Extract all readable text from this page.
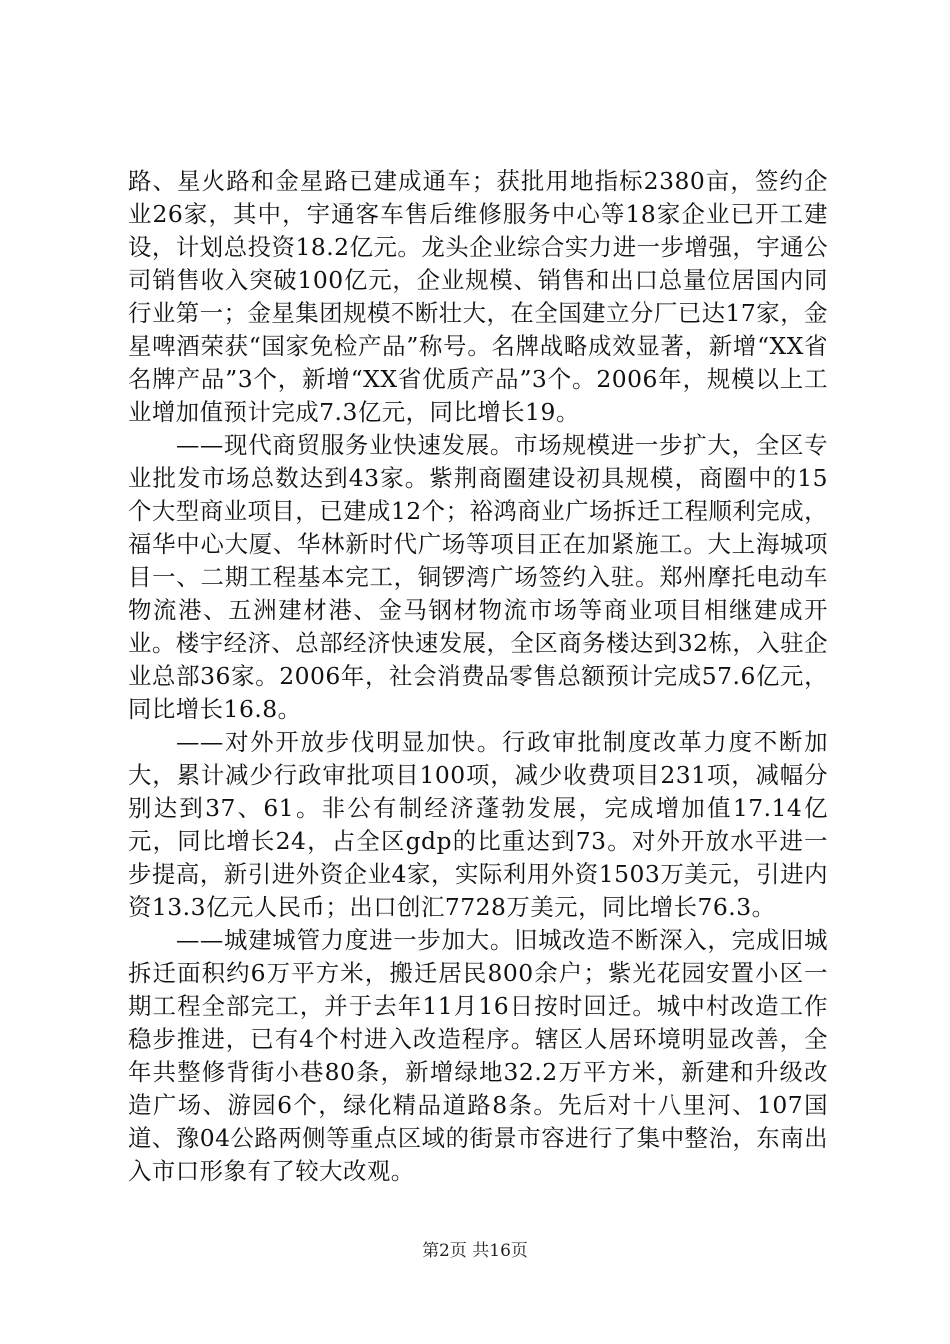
路、星火路和金星路已建成通车；获批用地指标2380亩，签约企业26家，其中，宇通客车售后维修服务中心等18家企业已开工建设，计划总投资18.2亿元。龙头企业综合实力进一步增强，宇通公司销售收入突破100亿元，企业规模、销售和出口总量位居国内同行业第一；金星集团规模不断壮大，在全国建立分厂已达17家，金星啤酒荣获“国家免检产品”称号。名牌战略成效显著，新增“XX省名牌产品”3个，新增“XX省优质产品”3个。2006年，规模以上工业增加值预计完成7.3亿元，同比增长19。

——现代商贸服务业快速发展。市场规模进一步扩大，全区专业批发市场总数达到43家。紫荆商圈建设初具规模，商圈中的15个大型商业项目，已建成12个；裕鸿商业广场拆迁工程顺利完成，福华中心大厦、华林新时代广场等项目正在加紧施工。大上海城项目一、二期工程基本完工，铜锣湾广场签约入驻。郑州摩托电动车物流港、五洲建材港、金马钢材物流市场等商业项目相继建成开业。楼宇经济、总部经济快速发展，全区商务楼达到32栋，入驻企业总部36家。2006年，社会消费品零售总额预计完成57.6亿元，同比增长16.8。

——对外开放步伐明显加快。行政审批制度改革力度不断加大，累计减少行政审批项目100项，减少收费项目231项，减幅分别达到37、61。非公有制经济蓬勃发展，完成增加值17.14亿元，同比增长24，占全区gdp的比重达到73。对外开放水平进一步提高，新引进外资企业4家，实际利用外资1503万美元，引进内资13.3亿元人民币；出口创汇7728万美元，同比增长76.3。

——城建城管力度进一步加大。旧城改造不断深入，完成旧城拆迁面积约6万平方米，搬迁居民800余户；紫光花园安置小区一期工程全部完工，并于去年11月16日按时回迁。城中村改造工作稳步推进，已有4个村进入改造程序。辖区人居环境明显改善，全年共整修背街小巷80条，新增绿地32.2万平方米，新建和升级改造广场、游园6个，绿化精品道路8条。先后对十八里河、107国道、豫04公路两侧等重点区域的街景市容进行了集中整治，东南出入市口形象有了较大改观。

第2页 共16页
